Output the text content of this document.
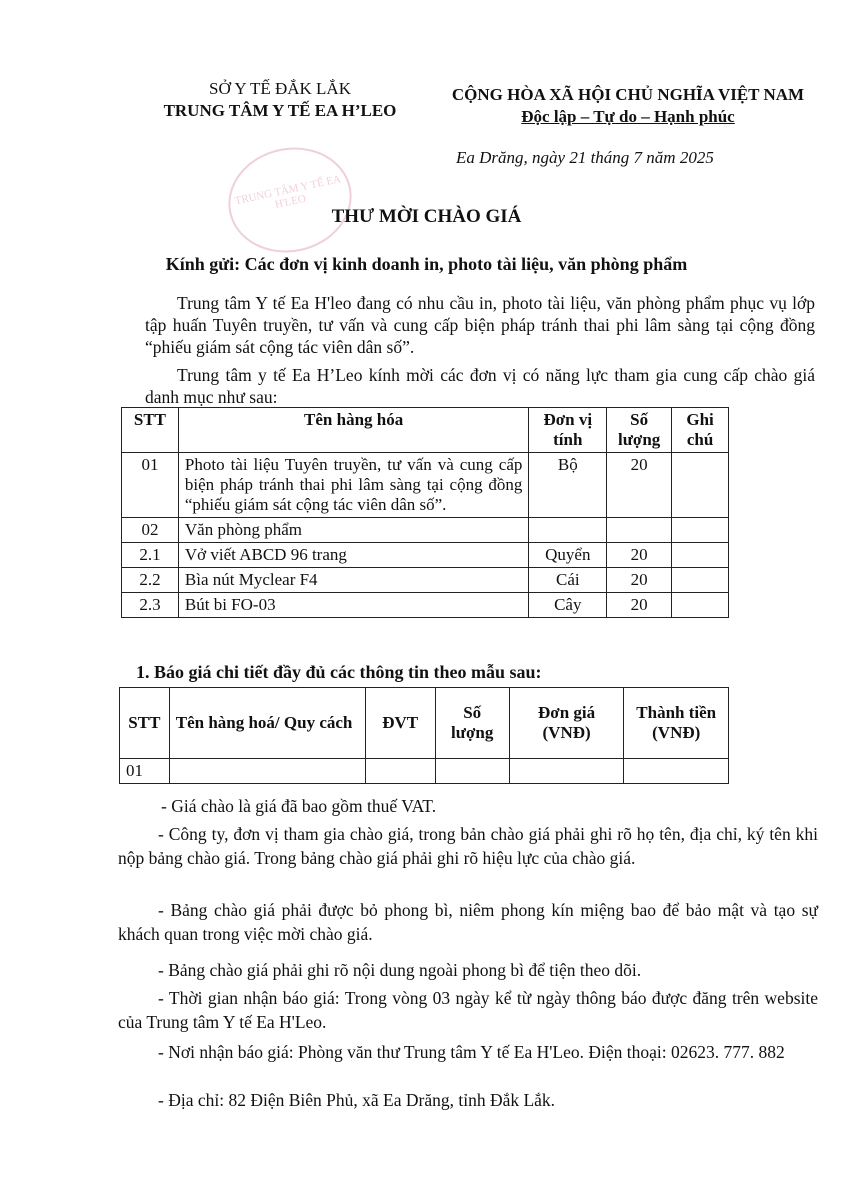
TRUNG TÂM Y TẾ EA H'LEO
SỞ Y TẾ ĐẮK LẮK
TRUNG TÂM Y TẾ EA H’LEO
CỘNG HÒA XÃ HỘI CHỦ NGHĨA VIỆT NAM
Độc lập – Tự do – Hạnh phúc
Ea Drăng, ngày 21 tháng 7 năm 2025
THƯ MỜI CHÀO GIÁ
Kính gửi: Các đơn vị kinh doanh in, photo tài liệu, văn phòng phẩm
Trung tâm Y tế Ea H'leo đang có nhu cầu in, photo tài liệu, văn phòng phẩm phục vụ lớp tập huấn Tuyên truyền, tư vấn và cung cấp biện pháp tránh thai phi lâm sàng tại cộng đồng “phiếu giám sát cộng tác viên dân số”.
Trung tâm y tế Ea H’Leo kính mời các đơn vị có năng lực tham gia cung cấp chào giá danh mục như sau:
STT	Tên hàng hóa	Đơn vị tính	Số lượng	Ghi chú
01	Photo tài liệu Tuyên truyền, tư vấn và cung cấp biện pháp tránh thai phi lâm sàng tại cộng đồng “phiếu giám sát cộng tác viên dân số”.	Bộ	20	
02	Văn phòng phẩm			
2.1	Vở viết ABCD 96 trang	Quyển	20	
2.2	Bìa nút Myclear F4	Cái	20	
2.3	Bút bi FO-03	Cây	20	
1. Báo giá chi tiết đầy đủ các thông tin theo mẫu sau:
STT	Tên hàng hoá/ Quy cách	ĐVT	Số lượng	Đơn giá (VNĐ)	Thành tiền (VNĐ)
01					
- Giá chào là giá đã bao gồm thuế VAT.
- Công ty, đơn vị tham gia chào giá, trong bản chào giá phải ghi rõ họ tên, địa chỉ, ký tên khi nộp bảng chào giá. Trong bảng chào giá phải ghi rõ hiệu lực của chào giá.
- Bảng chào giá phải được bỏ phong bì, niêm phong kín miệng bao để bảo mật và tạo sự khách quan trong việc mời chào giá.
- Bảng chào giá phải ghi rõ nội dung ngoài phong bì để tiện theo dõi.
- Thời gian nhận báo giá: Trong vòng 03 ngày kể từ ngày thông báo được đăng trên website của Trung tâm Y tế Ea H'Leo.
- Nơi nhận báo giá: Phòng văn thư Trung tâm Y tế Ea H'Leo. Điện thoại: 02623. 777. 882
- Địa chỉ: 82 Điện Biên Phủ, xã Ea Drăng, tỉnh Đắk Lắk.
